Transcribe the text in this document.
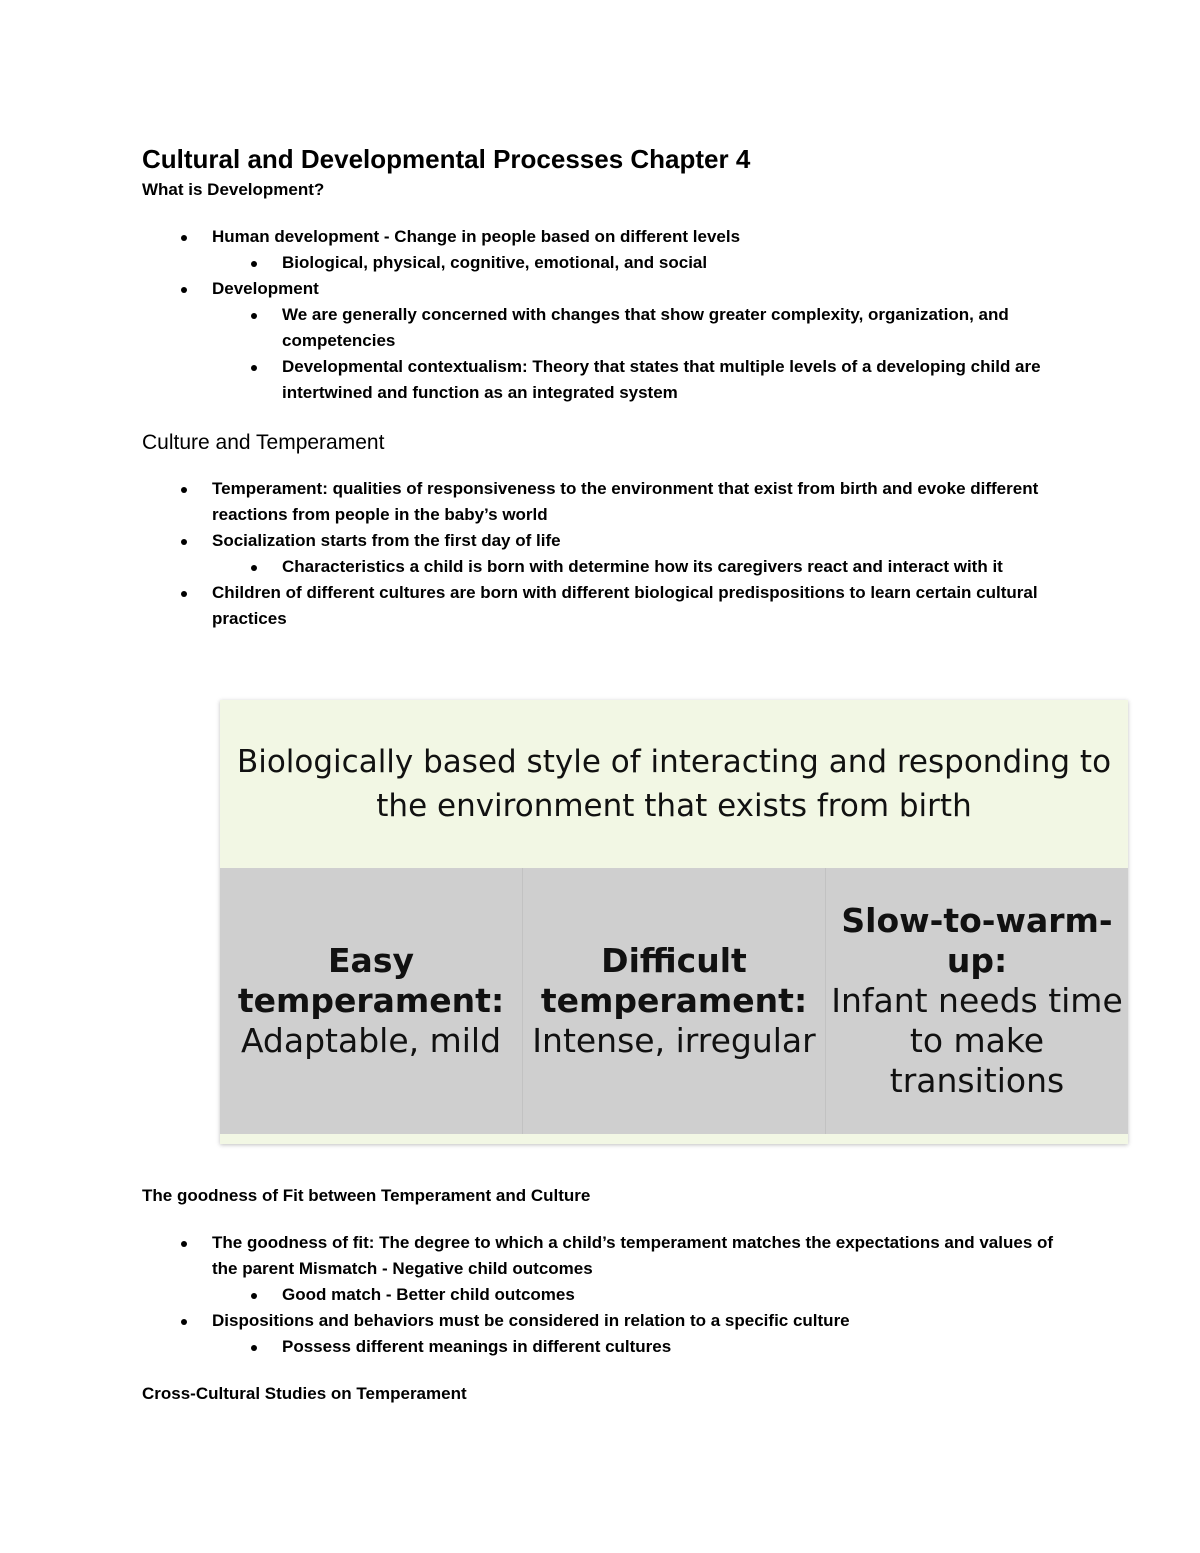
Cultural and Developmental Processes Chapter 4

What is Development?

Human development - Change in people based on different levels
Biological, physical, cognitive, emotional, and social
Development
We are generally concerned with changes that show greater complexity, organization, and competencies
Developmental contextualism: Theory that states that multiple levels of a developing child are intertwined and function as an integrated system
Culture and Temperament
Temperament: qualities of responsiveness to the environment that exist from birth and evoke different reactions from people in the baby’s world
Socialization starts from the first day of life
Characteristics a child is born with determine how its caregivers react and interact with it
Children of different cultures are born with different biological predispositions to learn certain cultural practices
Biologically based style of interacting and responding to the environment that exists from birth
Easy temperament:
Adaptable, mild
Difficult temperament:
Intense, irregular
Slow-to-warm-up:
Infant needs time to make transitions

The goodness of Fit between Temperament and Culture

The goodness of fit: The degree to which a child’s temperament matches the expectations and values of the parent Mismatch - Negative child outcomes
Good match - Better child outcomes
Dispositions and behaviors must be considered in relation to a specific culture
Possess different meanings in different cultures

Cross-Cultural Studies on Temperament
